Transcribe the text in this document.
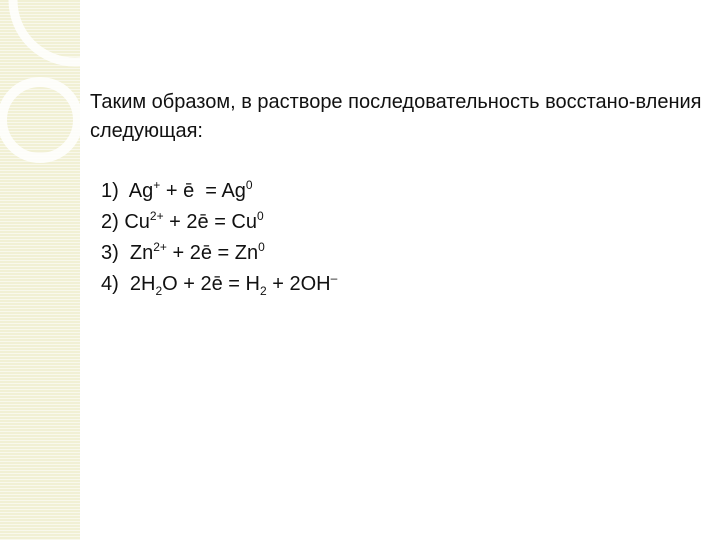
Таким образом, в растворе последовательность восстано-вления следующая:

1)  Ag+ + ē  = $Ag^0$
2) $Cu^{2+}$ + 2ē = $Cu^0$
3)  $Zn^{2+}$ + 2ē = $Zn^0$
4)  $2H_2O$ + 2ē = $H_2 + 2OH^-$
